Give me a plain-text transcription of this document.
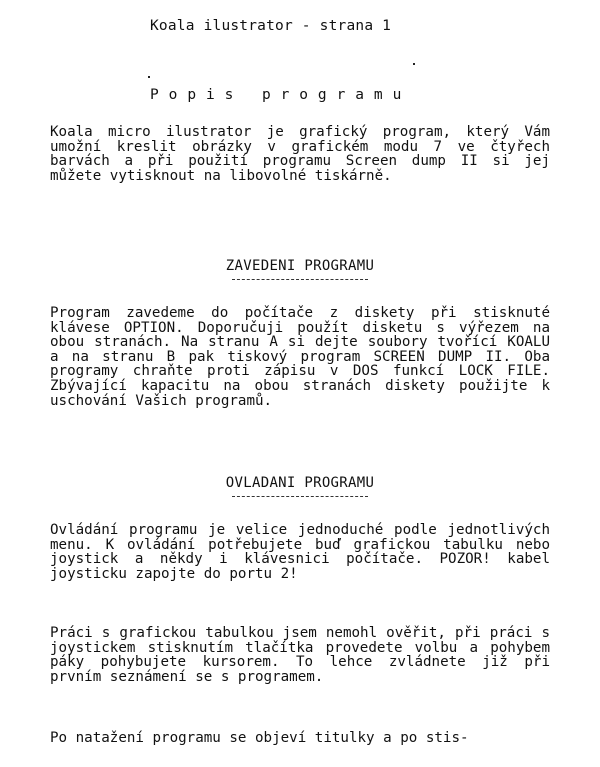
Koala ilustrator - strana 1
P o p i s   p r o g r a m u

Koala micro ilustrator je grafický program, který Vám umožní kreslit obrázky v grafickém modu 7 ve čtyřech barvách a při použití programu Screen dump II si jej můžete vytisknout na libovolné tiskárně.

ZAVEDENI PROGRAMU

Program zavedeme do počítače z diskety při stisknuté klávese OPTION. Doporučuji použít disketu s výřezem na obou stranách. Na stranu A si dejte soubory tvořící KOALU a na stranu B pak tiskový program SCREEN DUMP II. Oba programy chraňte proti zápisu v DOS funkcí LOCK FILE. Zbývající kapacitu na obou stranách diskety použijte k uschování Vašich programů.

OVLADANI PROGRAMU

Ovládání programu je velice jednoduché podle jednotlivých menu. K ovládání potřebujete buď grafickou tabulku nebo joystick a někdy i klávesnici počítače. POZOR! kabel joysticku zapojte do portu 2!

Práci s grafickou tabulkou jsem nemohl ověřit, při práci s joystickem stisknutím tlačítka provedete volbu a pohybem páky pohybujete kursorem. To lehce zvládnete již při prvním seznámení se s programem.

Po natažení programu se objeví titulky a po stis-
